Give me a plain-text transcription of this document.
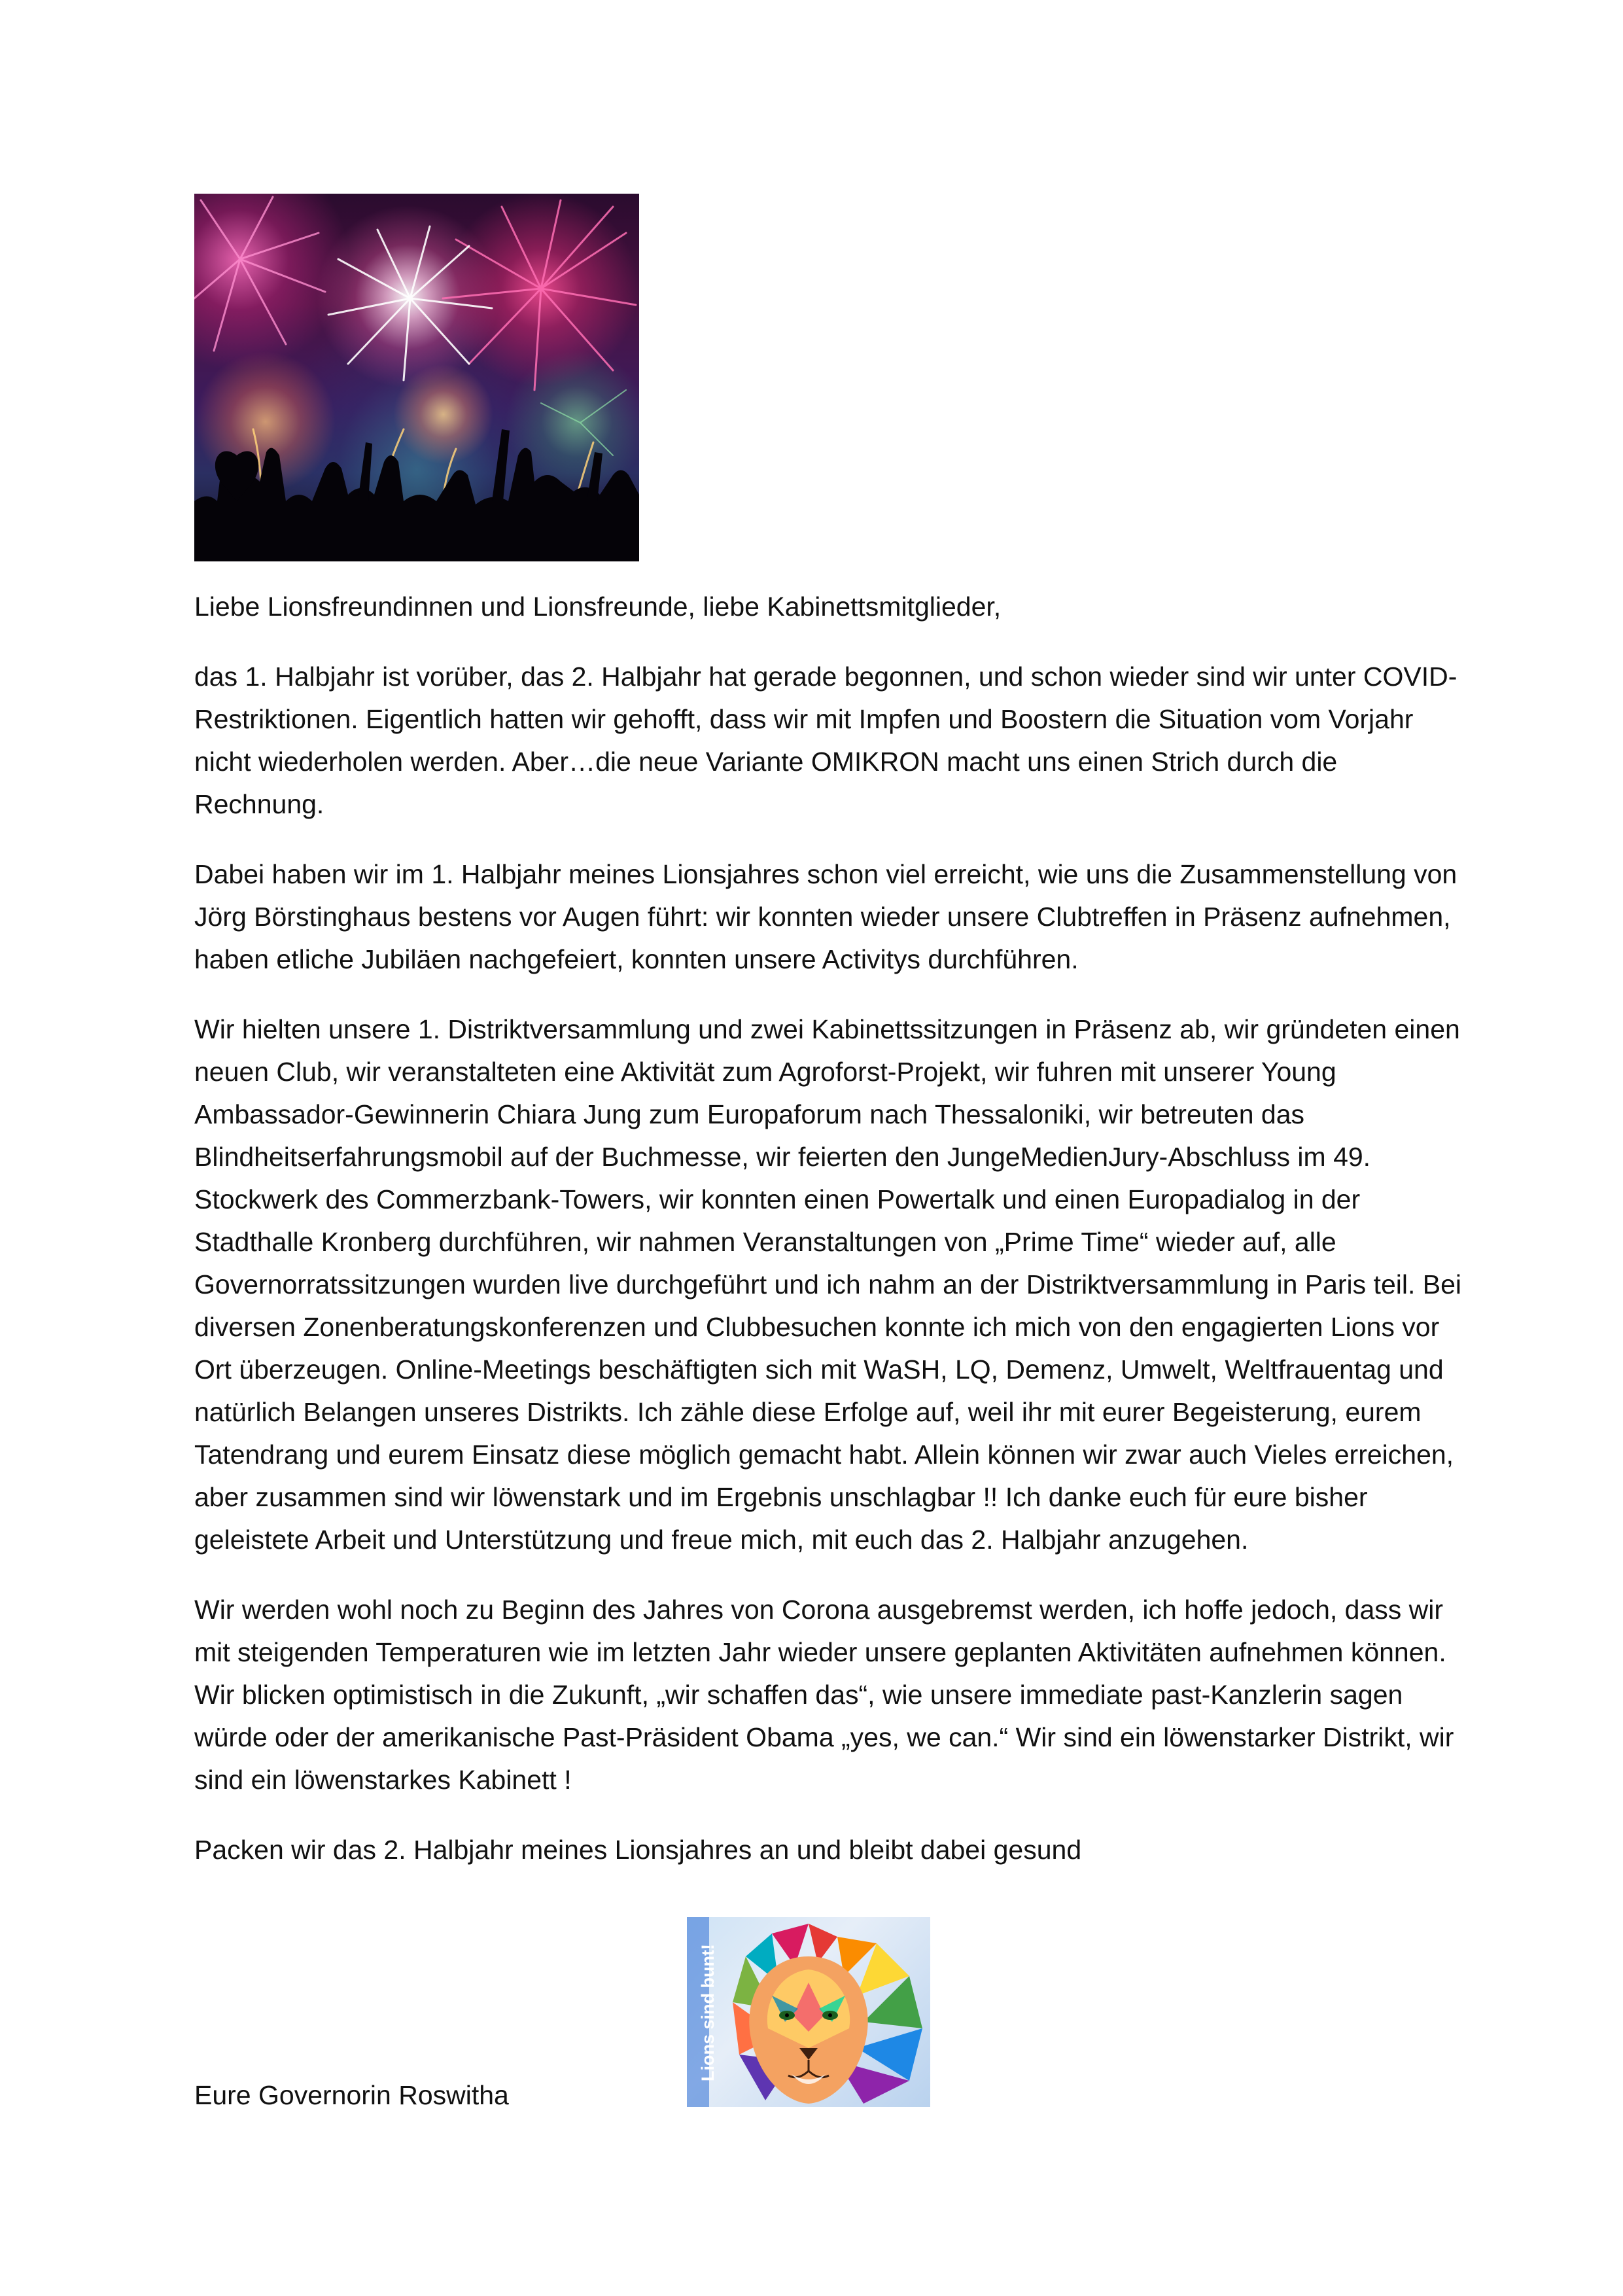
Liebe Lionsfreundinnen und Lionsfreunde, liebe Kabinettsmitglieder,

das 1. Halbjahr ist vorüber, das 2. Halbjahr hat gerade begonnen, und schon wieder sind wir unter COVID-Restriktionen. Eigentlich hatten wir gehofft, dass wir mit Impfen und Boostern die Situation vom Vorjahr nicht wiederholen werden. Aber…die neue Variante OMIKRON macht uns einen Strich durch die Rechnung.

Dabei haben wir im 1. Halbjahr meines Lionsjahres schon viel erreicht, wie uns die Zusammenstellung von Jörg Börstinghaus bestens vor Augen führt: wir konnten wieder unsere Clubtreffen in Präsenz aufnehmen, haben etliche Jubiläen nachgefeiert, konnten unsere Activitys durchführen.

Wir hielten unsere 1. Distriktversammlung und zwei Kabinettssitzungen in Präsenz ab, wir gründeten einen neuen Club, wir veranstalteten eine Aktivität zum Agroforst-Projekt, wir fuhren mit unserer Young Ambassador-Gewinnerin Chiara Jung zum Europaforum nach Thessaloniki, wir betreuten das Blindheitserfahrungsmobil auf der Buchmesse, wir feierten den JungeMedienJury-Abschluss im 49. Stockwerk des Commerzbank-Towers, wir konnten einen Powertalk und einen Europadialog in der Stadthalle Kronberg durchführen, wir nahmen Veranstaltungen von „Prime Time“ wieder auf, alle Governorratssitzungen wurden live durchgeführt und ich nahm an der Distriktversammlung in Paris teil. Bei diversen Zonenberatungskonferenzen und Clubbesuchen konnte ich mich von den engagierten Lions vor Ort überzeugen. Online-Meetings beschäftigten sich mit WaSH, LQ, Demenz, Umwelt, Weltfrauentag und natürlich Belangen unseres Distrikts. Ich zähle diese Erfolge auf, weil ihr mit eurer Begeisterung, eurem Tatendrang und eurem Einsatz diese möglich gemacht habt. Allein können wir zwar auch Vieles erreichen, aber zusammen sind wir löwenstark und im Ergebnis unschlagbar !! Ich danke euch für eure bisher geleistete Arbeit und Unterstützung und freue mich, mit euch das 2. Halbjahr anzugehen.

Wir werden wohl noch zu Beginn des Jahres von Corona ausgebremst werden, ich hoffe jedoch, dass wir mit steigenden Temperaturen wie im letzten Jahr wieder unsere geplanten Aktivitäten aufnehmen können. Wir blicken optimistisch in die Zukunft, „wir schaffen das“, wie unsere immediate past-Kanzlerin sagen würde oder der amerikanische Past-Präsident Obama „yes, we can.“ Wir sind ein löwenstarker Distrikt, wir sind ein löwenstarkes Kabinett !

Packen wir das 2. Halbjahr meines Lionsjahres an und bleibt dabei gesund

Lions sind bunt!
Eure Governorin Roswitha
